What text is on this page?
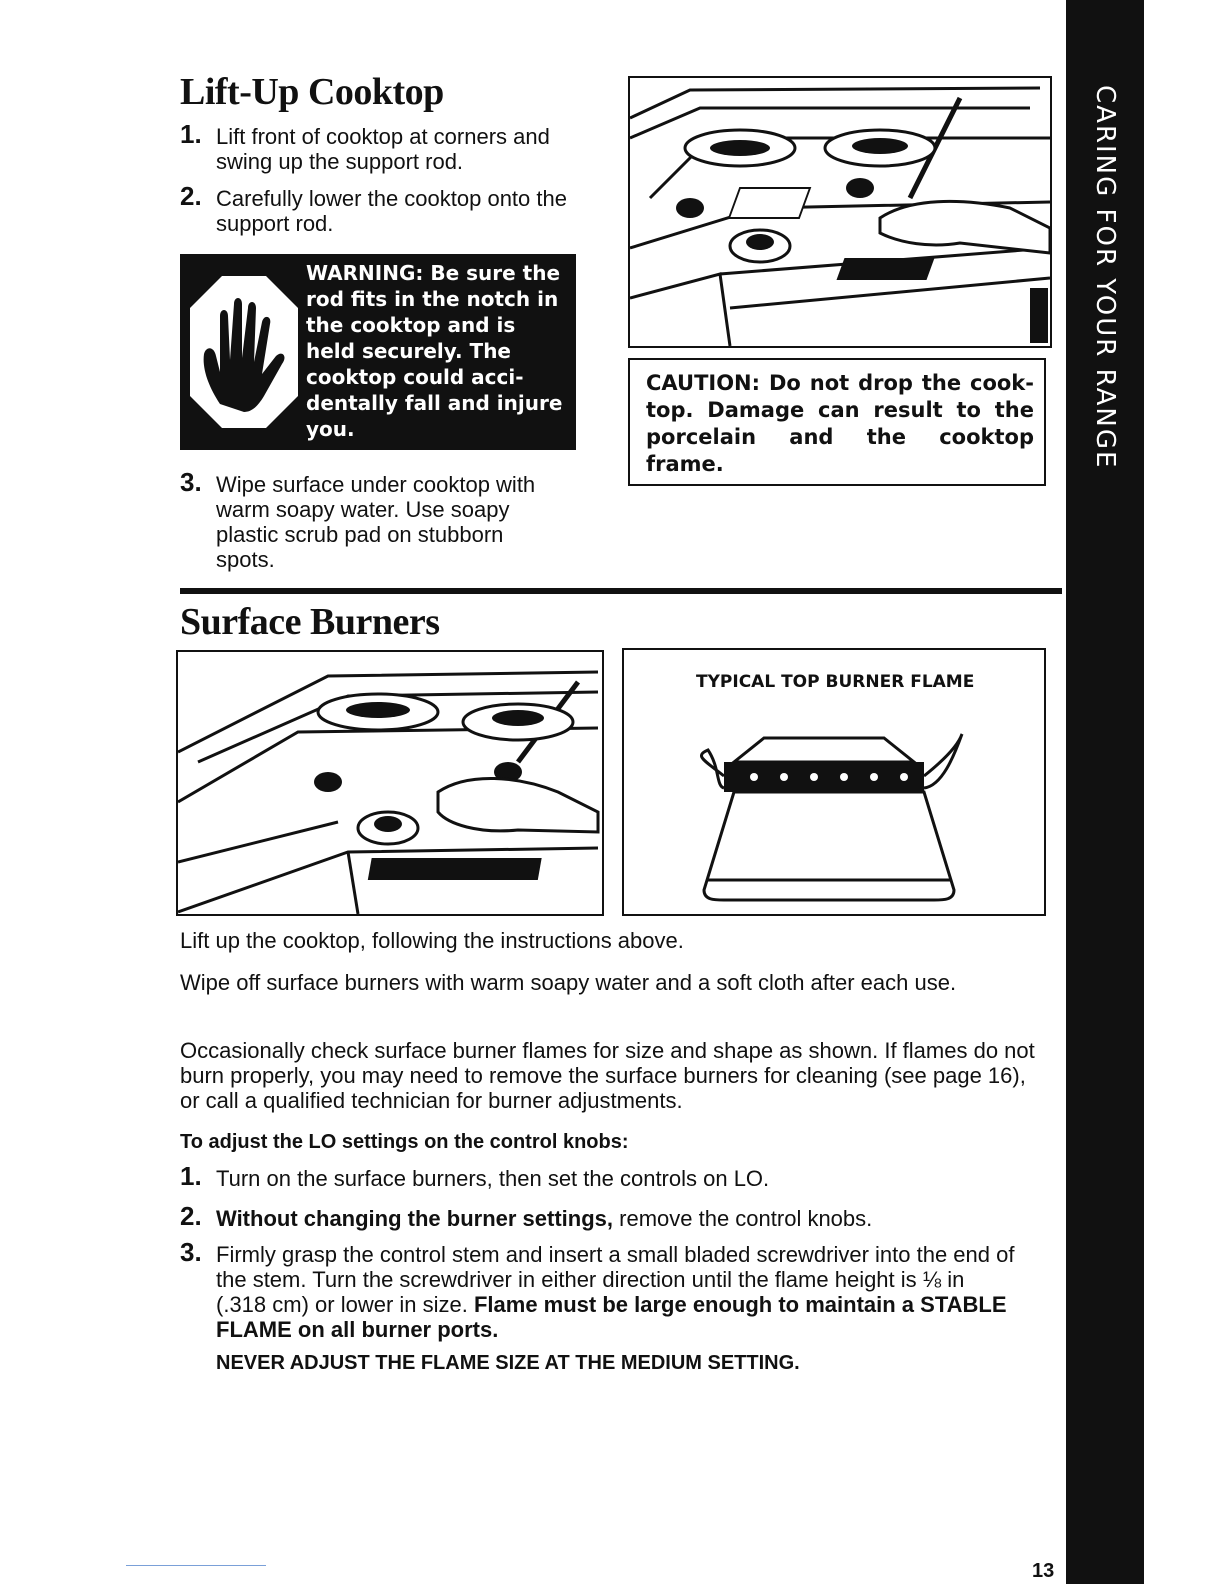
CARING FOR YOUR RANGE
Lift-Up Cooktop
1. Lift front of cooktop at corners and swing up the support rod.
2. Carefully lower the cooktop onto the support rod.
WARNING: Be sure the rod fits in the notch in the cooktop and is held securely. The cooktop could acci-dentally fall and injure you.
3. Wipe surface under cooktop with warm soapy water. Use soapy plastic scrub pad on stubborn spots.
CAUTION: Do not drop the cook-top. Damage can result to the porcelain and the cooktop frame.
Surface Burners
TYPICAL TOP BURNER FLAME
Lift up the cooktop, following the instructions above.
Wipe off surface burners with warm soapy water and a soft cloth after each use.
Occasionally check surface burner flames for size and shape as shown. If flames do not burn properly, you may need to remove the surface burners for cleaning (see page 16), or call a qualified technician for burner adjustments.
To adjust the LO settings on the control knobs:
1. Turn on the surface burners, then set the controls on LO.
2. Without changing the burner settings, remove the control knobs.
3. Firmly grasp the control stem and insert a small bladed screwdriver into the end of the stem. Turn the screwdriver in either direction until the flame height is ⅛ in (.318 cm) or lower in size. Flame must be large enough to maintain a STABLE FLAME on all burner ports.
NEVER ADJUST THE FLAME SIZE AT THE MEDIUM SETTING.
13
